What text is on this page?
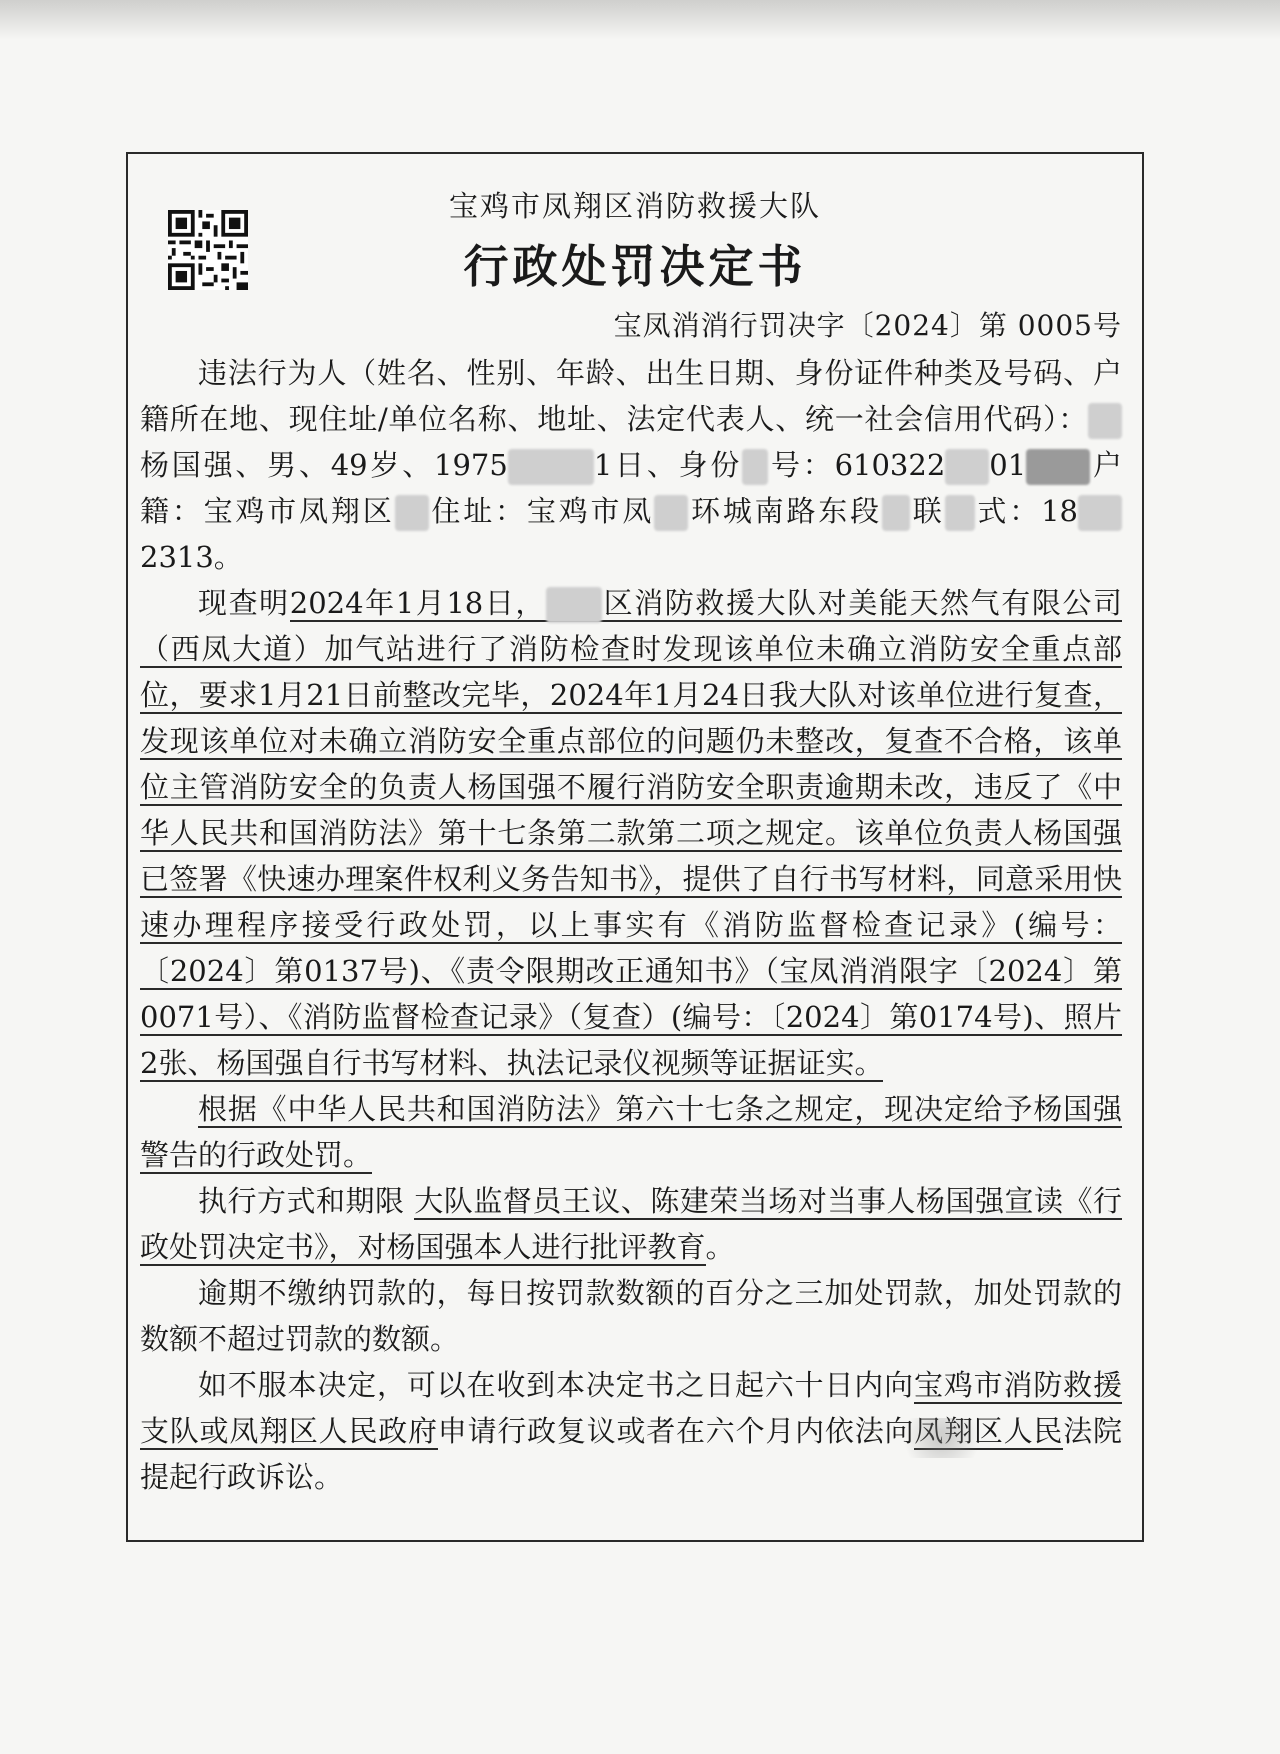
宝鸡市凤翔区消防救援大队
行政处罚决定书
宝凤消消行罚决字〔2024〕第 0005号

违法行为人（姓名、性别、年龄、出生日期、身份证件种类及号码、户籍所在地、现住址/单位名称、地址、法定代表人、统一社会信用代码）：杨国强、男、49岁、1975	1日、身份 号：610322 01 户籍：宝鸡市凤翔区 住址：宝鸡市凤 环城南路东段 联 式：182313。

现查明2024年1月18日， 区消防救援大队对美能天然气有限公司（西凤大道）加气站进行了消防检查时发现该单位未确立消防安全重点部位，要求1月21日前整改完毕，2024年1月24日我大队对该单位进行复查，发现该单位对未确立消防安全重点部位的问题仍未整改，复查不合格，该单位主管消防安全的负责人杨国强不履行消防安全职责逾期未改，违反了《中华人民共和国消防法》第十七条第二款第二项之规定。该单位负责人杨国强已签署《快速办理案件权利义务告知书》，提供了自行书写材料，同意采用快速办理程序接受行政处罚，以上事实有《消防监督检查记录》(编号：〔2024〕第0137号)、《责令限期改正通知书》（宝凤消消限字〔2024〕第0071号）、《消防监督检查记录》（复查）(编号：〔2024〕第0174号)、照片2张、杨国强自行书写材料、执法记录仪视频等证据证实。

根据《中华人民共和国消防法》第六十七条之规定，现决定给予杨国强警告的行政处罚。

执行方式和期限 大队监督员王议、陈建荣当场对当事人杨国强宣读《行政处罚决定书》，对杨国强本人进行批评教育。

逾期不缴纳罚款的，每日按罚款数额的百分之三加处罚款，加处罚款的数额不超过罚款的数额。

如不服本决定，可以在收到本决定书之日起六十日内向宝鸡市消防救援支队或凤翔区人民政府申请行政复议或者在六个月内依法向凤翔区人民法院提起行政诉讼。
